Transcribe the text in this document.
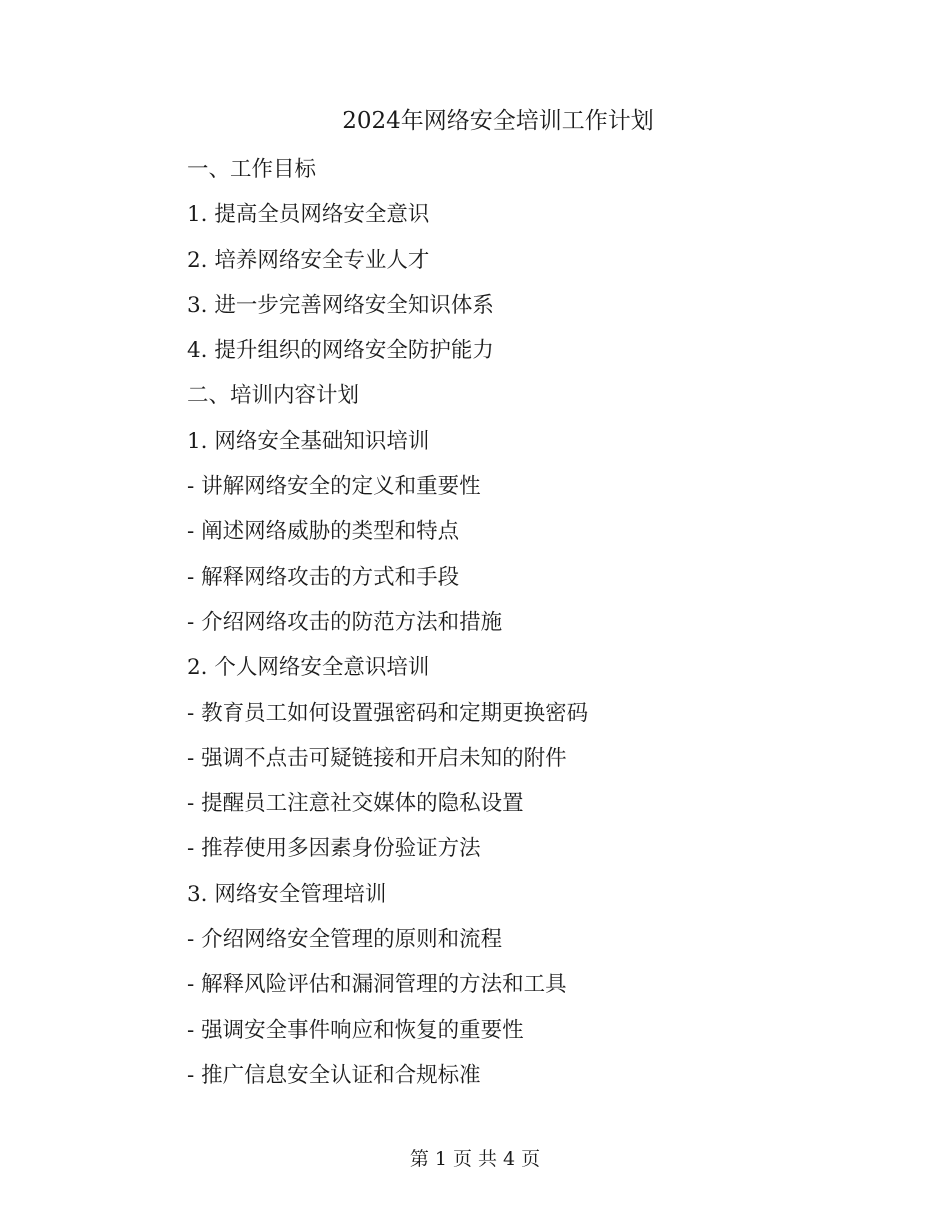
2024年网络安全培训工作计划
一、工作目标
1. 提高全员网络安全意识
2. 培养网络安全专业人才
3. 进一步完善网络安全知识体系
4. 提升组织的网络安全防护能力
二、培训内容计划
1. 网络安全基础知识培训
- 讲解网络安全的定义和重要性
- 阐述网络威胁的类型和特点
- 解释网络攻击的方式和手段
- 介绍网络攻击的防范方法和措施
2. 个人网络安全意识培训
- 教育员工如何设置强密码和定期更换密码
- 强调不点击可疑链接和开启未知的附件
- 提醒员工注意社交媒体的隐私设置
- 推荐使用多因素身份验证方法
3. 网络安全管理培训
- 介绍网络安全管理的原则和流程
- 解释风险评估和漏洞管理的方法和工具
- 强调安全事件响应和恢复的重要性
- 推广信息安全认证和合规标准
第 1 页 共 4 页
